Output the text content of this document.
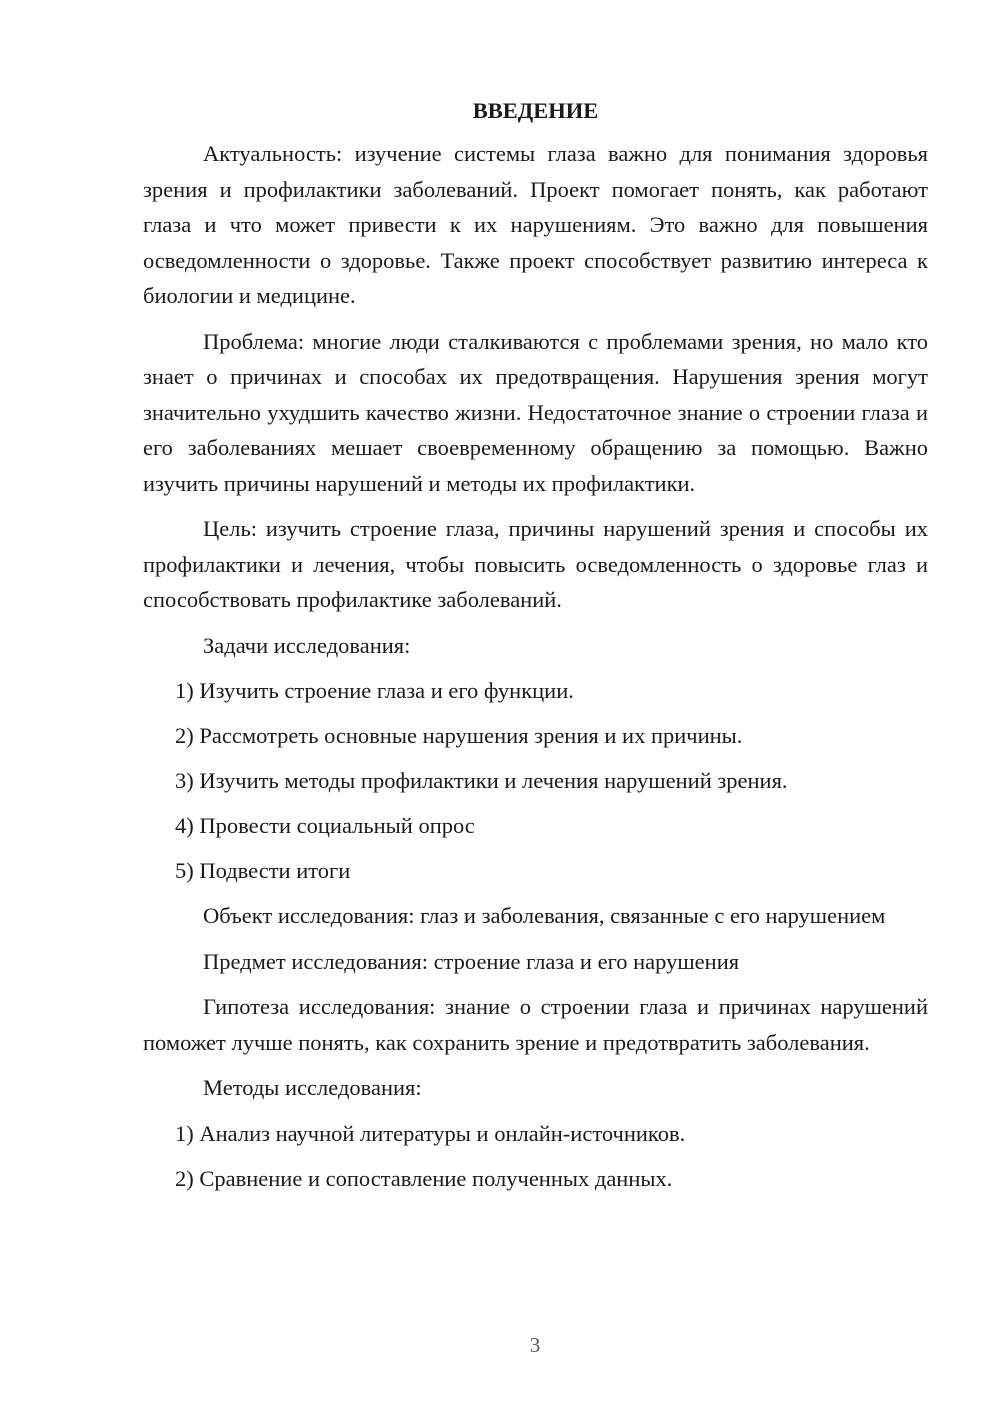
ВВЕДЕНИЕ

Актуальность: изучение системы глаза важно для понимания здоровья зрения и профилактики заболеваний. Проект помогает понять, как работают глаза и что может привести к их нарушениям. Это важно для повышения осведомленности о здоровье. Также проект способствует развитию интереса к биологии и медицине.

Проблема: многие люди сталкиваются с проблемами зрения, но мало кто знает о причинах и способах их предотвращения. Нарушения зрения могут значительно ухудшить качество жизни. Недостаточное знание о строении глаза и его заболеваниях мешает своевременному обращению за помощью. Важно изучить причины нарушений и методы их профилактики.

Цель: изучить строение глаза, причины нарушений зрения и способы их профилактики и лечения, чтобы повысить осведомленность о здоровье глаз и способствовать профилактике заболеваний.

Задачи исследования:

1) Изучить строение глаза и его функции.

2) Рассмотреть основные нарушения зрения и их причины.

3) Изучить методы профилактики и лечения нарушений зрения.

4) Провести социальный опрос

5) Подвести итоги

Объект исследования: глаз и заболевания, связанные с его нарушением

Предмет исследования: строение глаза и его нарушения

Гипотеза исследования: знание о строении глаза и причинах нарушений поможет лучше понять, как сохранить зрение и предотвратить заболевания.

Методы исследования:

1) Анализ научной литературы и онлайн-источников.

2) Сравнение и сопоставление полученных данных.

3
